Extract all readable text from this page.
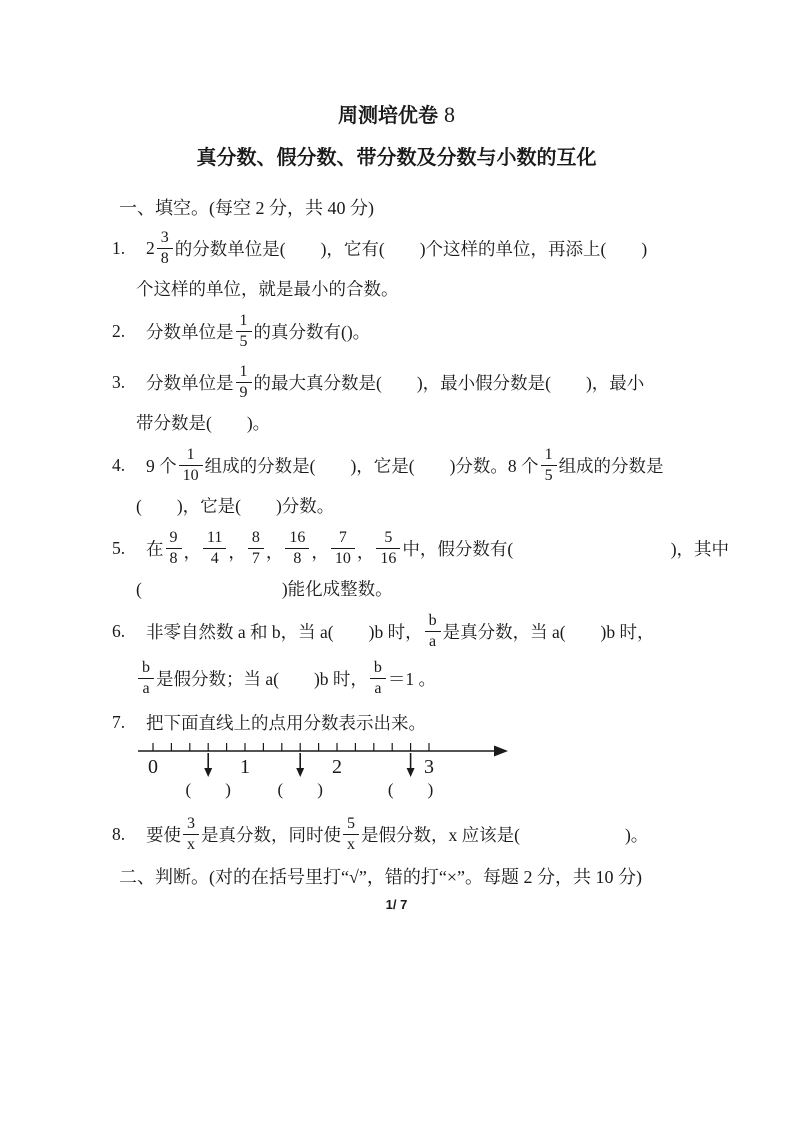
周测培优卷 8
真分数、假分数、带分数及分数与小数的互化
一、填空。(每空 2 分，共 40 分)
1.	$2 \frac{3}{8}$ 的分数单位是(　　)，它有(　　)个这样的单位，再添上(　　)
个这样的单位，就是最小的合数。
2.	分数单位是 $\frac{1}{5}$ 的真分数有()。
3.	分数单位是 $\frac{1}{9}$ 的最大真分数是(　　)，最小假分数是(　　)，最小
带分数是(　　)。
4.	9 个 $\frac{1}{10}$ 组成的分数是(　　)，它是(　　)分数。8 个 $\frac{1}{5}$ 组成的分数是
(　　)，它是(　　)分数。
5.	在 $\frac{9}{8}$ ， $\frac{11}{4}$ ， $\frac{8}{7}$ ， $\frac{16}{8}$ ， $\frac{7}{10}$ ， $\frac{5}{16}$ 中，假分数有(　　　　　　　　　)，其中
(　　　　　　　　)能化成整数。
6.	非零自然数 a 和 b，当 a(　　)b 时， $\frac{b}{a}$ 是真分数，当 a(　　)b 时，
$\frac{b}{a}$ 是假分数；当 a(　　)b 时， $\frac{b}{a} =1$ 。
7.	把下面直线上的点用分数表示出来。
0	1	2	3
(　　)	(　　)	(　　)
8.	要使 $\frac{3}{x}$ 是真分数，同时使 $\frac{5}{x}$ 是假分数，x 应该是(　　　　　　)。
二、判断。(对的在括号里打“√”，错的打“×”。每题 2 分，共 10 分)
1/ 7
